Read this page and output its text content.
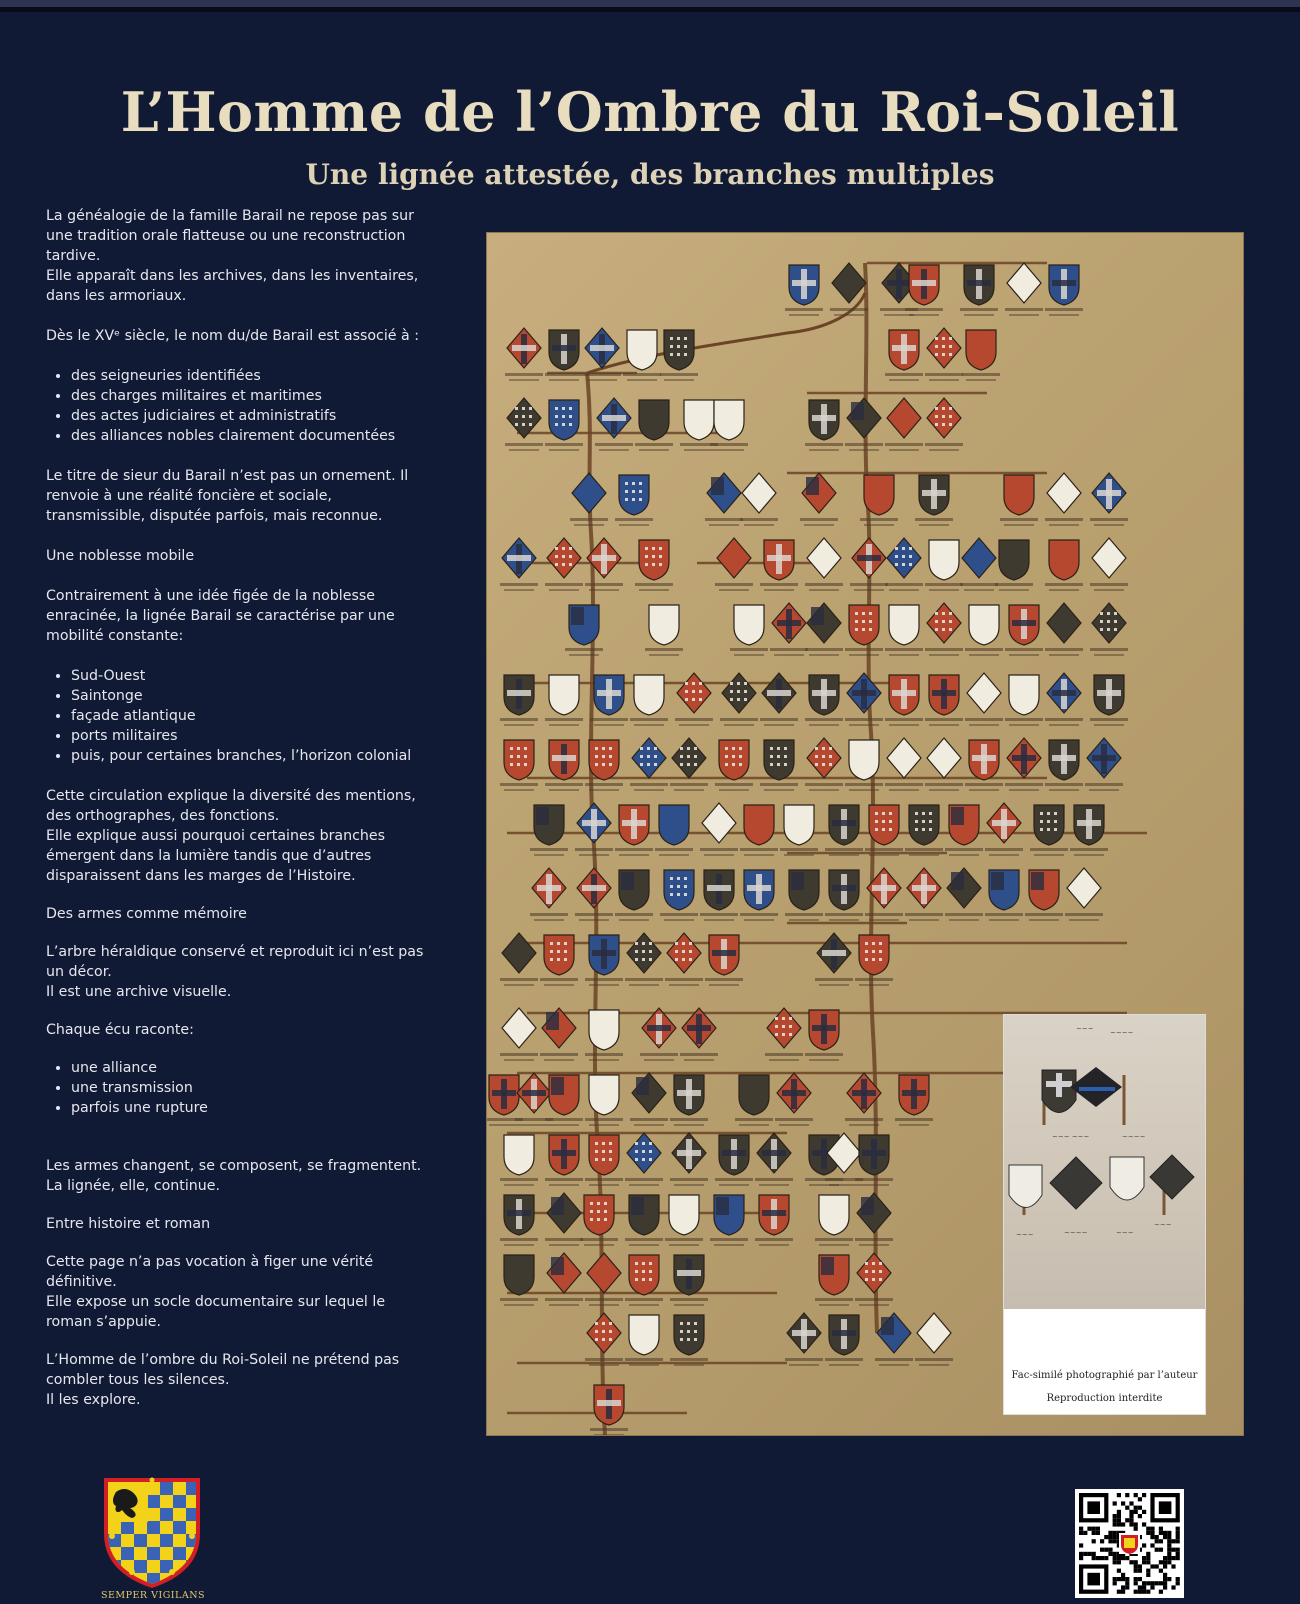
L’Homme de l’Ombre du Roi-Soleil
Une lignée attestée, des branches multiples

La généalogie de la famille Barail ne repose pas sur une tradition orale flatteuse ou une reconstruction tardive.

Elle apparaît dans les archives, dans les inventaires, dans les armoriaux.

Dès le XVᵉ siècle, le nom du/de Barail est associé à :

• des seigneuries identifiées
• des charges militaires et maritimes
• des actes judiciaires et administratifs
• des alliances nobles clairement documentées

Le titre de sieur du Barail n’est pas un ornement. Il renvoie à une réalité foncière et sociale, transmissible, disputée parfois, mais reconnue.

Une noblesse mobile

Contrairement à une idée figée de la noblesse enracinée, la lignée Barail se caractérise par une mobilité constante:

• Sud-Ouest
• Saintonge
• façade atlantique
• ports militaires
• puis, pour certaines branches, l’horizon colonial

Cette circulation explique la diversité des mentions, des orthographes, des fonctions.

Elle explique aussi pourquoi certaines branches émergent dans la lumière tandis que d’autres disparaissent dans les marges de l’Histoire.

Des armes comme mémoire

L’arbre héraldique conservé et reproduit ici n’est pas un décor.

Il est une archive visuelle.

Chaque écu raconte:

• une alliance
• une transmission
• parfois une rupture

Les armes changent, se composent, se fragmentent.

La lignée, elle, continue.

Entre histoire et roman

Cette page n’a pas vocation à figer une vérité définitive.

Elle expose un socle documentaire sur lequel le roman s’appuie.

L’Homme de l’ombre du Roi-Soleil ne prétend pas combler tous les silences.

Il les explore.

~~~ ~~~~
~~~ ~~~	~~~~
~~~	~~~~	~~~
~~~
Fac-similé photographié par l’auteur
Reproduction interdite
SEMPER VIGILANS
